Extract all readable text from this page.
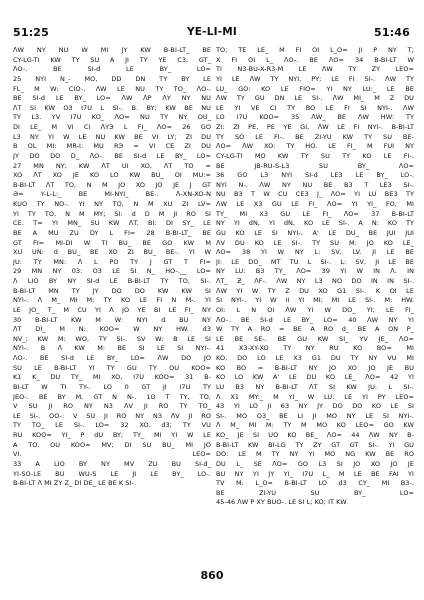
51:25	YE-LI-MI	51:46

ᐱW NY NU W MI JY KW B-BI-LT_ BE

CY-LG-TI KW TY SU A JI TY YE C3, GT_

ᐱO-. BE SI-d LE BY_ LO=

25 NYI N_- MO, DD DN TY BY LE

FL_ M W: CIO-, ᐱW LE NU TY TO_ ᐱO-.

BE SI-d LE BY_ LO= ᐱW ᐱP ᐱY NY NU

ᐱT SI KW O3 I7U L SI-. B. BY; KW BE NU

TY L3. YV I7U KO_ ᐱO= NU TY NY OU_

DI LE_ M VI CI ᐱYЭ L FI_ ᐱO= 26 GO

L3 NY YI W LE NU KW BE VI LY; ZI DU

B OL MI: MR-I: MU RЭ = VI CE ZI DU

JY DO DO D_ ᐱO-. BE SI-d LE BY_ LO=

27 MN NY; KW ᐱT UI XO, ᐱT TO =

XO ᐱT XO JE KO LO KW BU_ OI MU:=

B-BI-LT ᐱT TO, N M JO XO JO JE J GT

Ə= Y-L-L:_ BE MI-NYI_ BE-. ᐱ-XN-XO-N

KUO TY NO-. YI NY TO, N M XU ZI LV=

YI TY TO, N M MY; SI: d D M JI RO SI

CE. T= YI MN_ SU KW ᐱT. BI: DI SY_ LE

BE A MU ZU DY L FI= 28 B-BI-LT_ BE

GT FI= MI-DI W TI BU_ BE GO KW M

XU UN: d BU_ BE XO ZI BU_ BE-. YI W

JU: TY MN: ᐱ L PO TY J GT T FI=

29 MN NY 03: O3 LE SI N_ HO-.__ LO=

ᐱ LIO BY NY SI-d LE B-BI-LT TY TO, SI-.

B-BI-LT MN TY JY DO DO KW KW SI

NYI-. ᐱ M_ MI M: TY KO LE FI N M-. YI

LE JO_ T_ M CU YI ᐱ JO YE BI LE FI_ NY

30 B-BI-LT KW M W: NYI d BU NY

ᐱT DI_ M N: KOO= W NY HW. d3

NV_; KW M: WO, TY SI-. SV W: B LE SI

NYI-. B ᐱ KW M: BE SI LE SI NYI-.

ᐱO-. BE SI-d LE BY_ LO= ᐱW DO JO

SU LE B-BI-LT YI TY GU TY OU KOO=

K1 K_ DU TY_ MI XO, I7U KOO= 31 B-

BI-LT W TI TY-. LO 0 GT JI I7U TY

JEO-. BE BY M. GT N N-. 1O T TY, TO,

V SU JI RO NY N3 ᐱV JI RO TY TO_

LE SI-. OO-: V SU JI RO NY N3 ᐱV JI RO

TY TO_ LE SI-. LO= 32 XO. d3; TY VU

RU KOO= YI_ P dU BY; TY_ MI YI W LE

A TO. OU KOO= MV; DI SU BU_ MI JO

VI. LEO=

33 A LIO BY NY MV ZU BU SI-d_

YI-SO-LE BU WU-S LE JI LE BY_ LO-.

B-BI-LT ᐱ MI ZY Z_ DI DE_ LE BE K SI-.

TO; TE LE_ M FI OI L_O= JI P NY T;

X FI OI L_ ᐱO-. BE ᐱO= 34 B-BI-LT W

TI N3-BU-X-R3-M LE ᐱW TY ZY LEO=

YI LE ᐱW TY NYI. PY; LE FI SI-. ᐱW TY

LU_ GO: KO LE FIO= YI NY LU:_ LE BE

ᐱW TY GU DN LE SI-. ᐱW MI_ M Z DU

LE YI VE CI TY BO LE FI SI NYI-. ᐱW

LO I7U KOO= 35 ᐱW_ BE ᐱW HW: TY

ZI: ZI PE, PE YE GI, ᐱW LE FI NYI-. B-BI-LT

TY SO LE FI-. BE ZI-YU KW TY SU BE-

ᐱO= ᐱW XO: TY HO. LE FI_ M FUI NY

CY-LG-TI MO KW TY SU TY KO LE FI-.

BE JB-RU-S-L3 SU BY_ ᐱO=

36 GO L3 NYI SI-d LE3 LE BY_ LO-.

NYI N-. ᐱW NY NU BE B3 T LE3 SI-.

NU B3 T W CU CE3 J_ ᐱO= YI LU BE3 TY

ᐱW LE X3 GU LE FI_ ᐱO= YI YI_ FO, MI

TY_ MI X3 GU LE FI_ ᐱO= 37 B-BI-LT

NY YI dN, YI dN, KO LE SI-. A N: KO TY

GU KO LE SI NYI-. A' LE DU_ BE JUI JUI

ᐱV DU KO LE SI-. TY SU M: JO KO LE_

ᐱO= 38 YI W NY L: SV, LV. JI LE BE

JI: LE DO_ MT TU L SI-. L: SV, JI LE BE

NY LU: B3 TY_ ᐱO= 39 YI W IN ᐱ. IN

ᐱT_ Ƶ_ ᐱF-. ᐱW NY L3 NO DO IN IN SI-.

ᐱW YI W TY Z DU XO G1 SI-. K OI LE

SI NYI-. YI W II YI MI; MI LE SI-. M: HW.

OI: L N OI ᐱW YI W DO_ YI; LE FI_

ᐱO-. BE SI-d LE BY_ LO= 40 ᐱW NY YI

W TY A RO = BE A RO d_ BE A ON P_

LE BE SE-. BE GU KW SI_ YV JE_ ᐱO=

41 X3-XY-XO TY NY RU KO BO= MI

KO, DO LO LE X3 G1 DU TY NY VU MI

KO BO = B-BI-LT NY JO XO JO JE BU

KO LO KW A' LE DU KO LE_ ᐱO= 42 YI

LU B3 NY B-BI-LT ᐱT SI KW JU: L SI-.

ᐱ X1 MY:_ M YI_ W LU: LE YI PY LEO=

43 YI LO JI 63 NY JY DO DO KO LE SI

SI-. MO O3_ BE LI JI MO NY LE SI NYI-.

ᐱ M_ MI M: TY M MO KO LEO= GO KW

KO_ JE SI UO KO BE_ ᐱO= 44 ᐱW NY B-

B-BI-LT KW BI-LG TY ZY GT GT SI-. YI GU

DO: LE M TY NY YI MO NG KW BE RO

DU L_ SE ᐱO= GO L3 SI JO XO JO JE

BU NY YI JY YI_ I7U L_ M LE BE FAI YI

TV M: L_O= B-BI-LT LO d3 CY_ MI B3-.

BE ZI-YU SU BY_ LO=

45-46 ᐱW P XY BUO-. LE SI L; KO; IT KW

860
